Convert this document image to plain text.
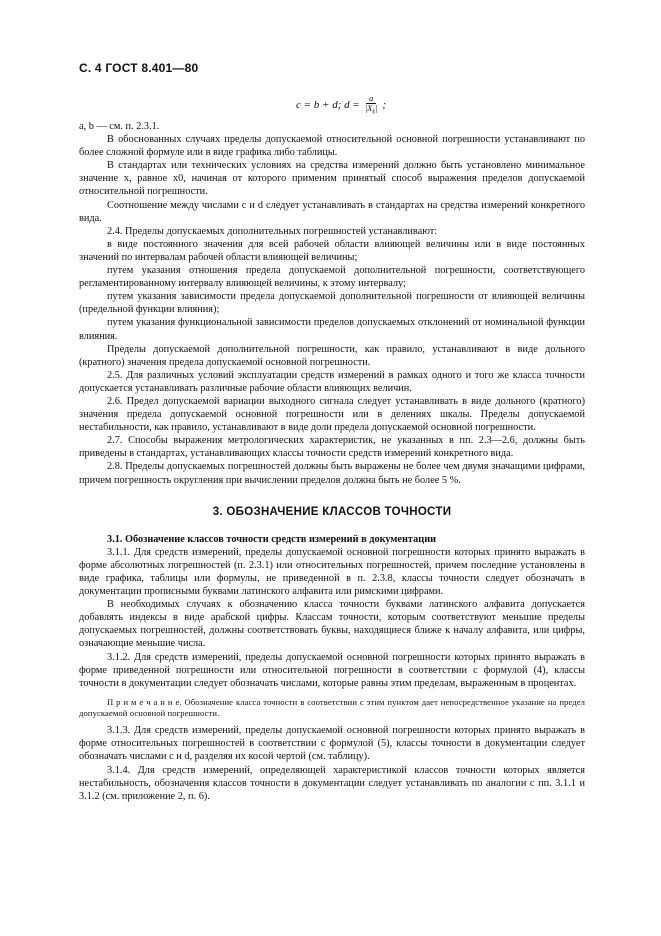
С. 4 ГОСТ 8.401—80
c = b + d; $d = \frac{a}{|X_k|}$ ;

a, b — см. п. 2.3.1.

В обоснованных случаях пределы допускаемой относительной основной погрешности устанавливают по более сложной формуле или в виде графика либо таблицы.

В стандартах или технических условиях на средства измерений должно быть установлено минимальное значение x, равное x0, начиная от которого применим принятый способ выражения пределов допускаемой относительной погрешности.

Соотношение между числами c и d следует устанавливать в стандартах на средства измерений конкретного вида.

2.4. Пределы допускаемых дополнительных погрешностей устанавливают:

в виде постоянного значения для всей рабочей области влияющей величины или в виде постоянных значений по интервалам рабочей области влияющей величины;

путем указания отношения предела допускаемой дополнительной погрешности, соответствующего регламентированному интервалу влияющей величины, к этому интервалу;

путем указания зависимости предела допускаемой дополнительной погрешности от влияющей величины (предельной функции влияния);

путем указания функциональной зависимости пределов допускаемых отклонений от номинальной функции влияния.

Пределы допускаемой дополнительной погрешности, как правило, устанавливают в виде дольного (кратного) значения предела допускаемой основной погрешности.

2.5. Для различных условий эксплуатации средств измерений в рамках одного и того же класса точности допускается устанавливать различные рабочие области влияющих величин.

2.6. Предел допускаемой вариации выходного сигнала следует устанавливать в виде дольного (кратного) значения предела допускаемой основной погрешности или в делениях шкалы. Пределы допускаемой нестабильности, как правило, устанавливают в виде доли предела допускаемой основной погрешности.

2.7. Способы выражения метрологических характеристик, не указанных в пп. 2.3—2.6, должны быть приведены в стандартах, устанавливающих классы точности средств измерений конкретного вида.

2.8. Пределы допускаемых погрешностей должны быть выражены не более чем двумя значащими цифрами, причем погрешность округления при вычислении пределов должна быть не более 5 %.

3. ОБОЗНАЧЕНИЕ КЛАССОВ ТОЧНОСТИ

3.1. Обозначение классов точности средств измерений в документации

3.1.1. Для средств измерений, пределы допускаемой основной погрешности которых принято выражать в форме абсолютных погрешностей (п. 2.3.1) или относительных погрешностей, причем последние установлены в виде графика, таблицы или формулы, не приведенной в п. 2.3.8, классы точности следует обозначать в документации прописными буквами латинского алфавита или римскими цифрами.

В необходимых случаях к обозначению класса точности буквами латинского алфавита допускается добавлять индексы в виде арабской цифры. Классам точности, которым соответствуют меньшие пределы допускаемых погрешностей, должны соответствовать буквы, находящиеся ближе к началу алфавита, или цифры, означающие меньшие числа.

3.1.2. Для средств измерений, пределы допускаемой основной погрешности которых принято выражать в форме приведенной погрешности или относительной погрешности в соответствии с формулой (4), классы точности в документации следует обозначать числами, которые равны этим пределам, выраженным в процентах.

П р и м е ч а н и е. Обозначение класса точности в соответствии с этим пунктом дает непосредственное указание на предел допускаемой основной погрешности.

3.1.3. Для средств измерений, пределы допускаемой основной погрешности которых принято выражать в форме относительных погрешностей в соответствии с формулой (5), классы точности в документации следует обозначать числами c и d, разделяя их косой чертой (см. таблицу).

3.1.4. Для средств измерений, определяющей характеристикой классов точности которых является нестабильность, обозначения классов точности в документации следует устанавливать по аналогии с пп. 3.1.1 и 3.1.2 (см. приложение 2, п. 6).
